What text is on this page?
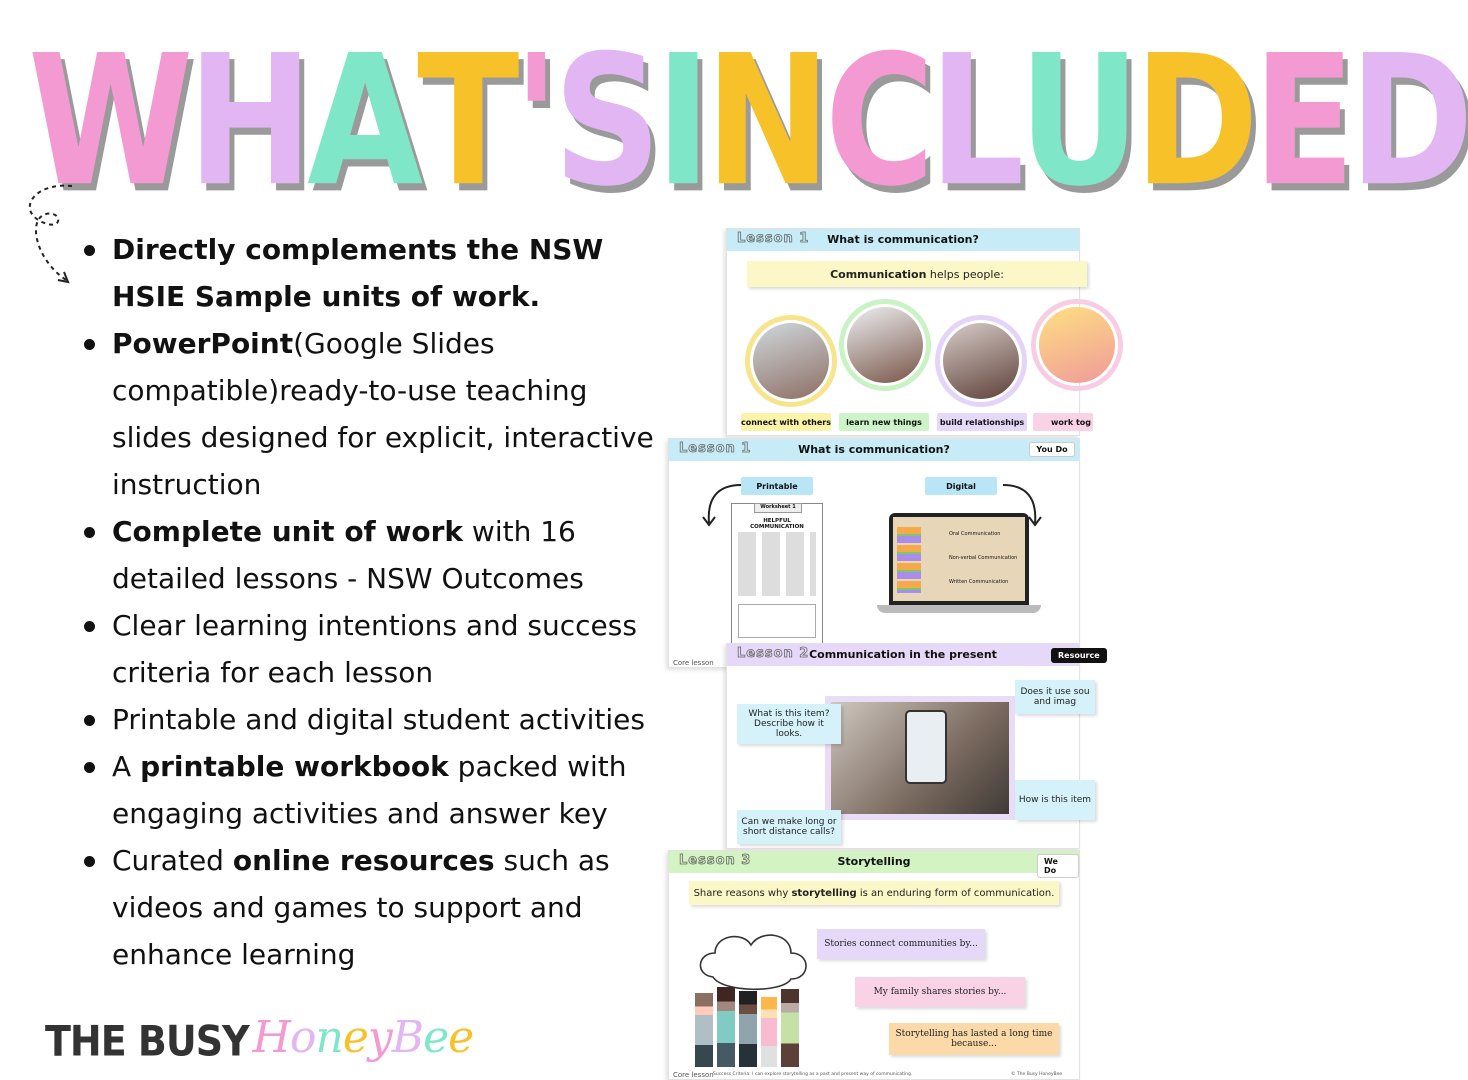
W H A T ' S I N C L U D E D
Directly complements the NSW HSIE Sample units of work.
PowerPoint(Google Slides compatible)ready-to-use teaching slides designed for explicit, interactive instruction
Complete unit of work with 16 detailed lessons - NSW Outcomes
Clear learning intentions and success criteria for each lesson
Printable and digital student activities
A printable workbook packed with engaging activities and answer key
Curated online resources such as videos and games to support and enhance learning
THE BUSY HoneyBee
Lesson 1	What is communication?
Communication helps people:
connect with others	learn new things	build relationships	work tog
Lesson 1	What is communication?	You Do
Printable	Digital
Worksheet 1
HELPFUL COMMUNICATION
Oral Communication
Non-verbal Communication
Written Communication
Core lesson
Lesson 2 Communication in the present	Resource
What is this item? Describe how it looks.
Does it use sou and imag
How is this item
Can we make long or short distance calls?
Lesson 3	Storytelling	We Do
Share reasons why storytelling is an enduring form of communication.
Stories connect communities by...
My family shares stories by...
Storytelling has lasted a long time because...
Core lesson Success Criteria: I can explore storytelling as a past and present way of communicating.	© The Busy HoneyBee
